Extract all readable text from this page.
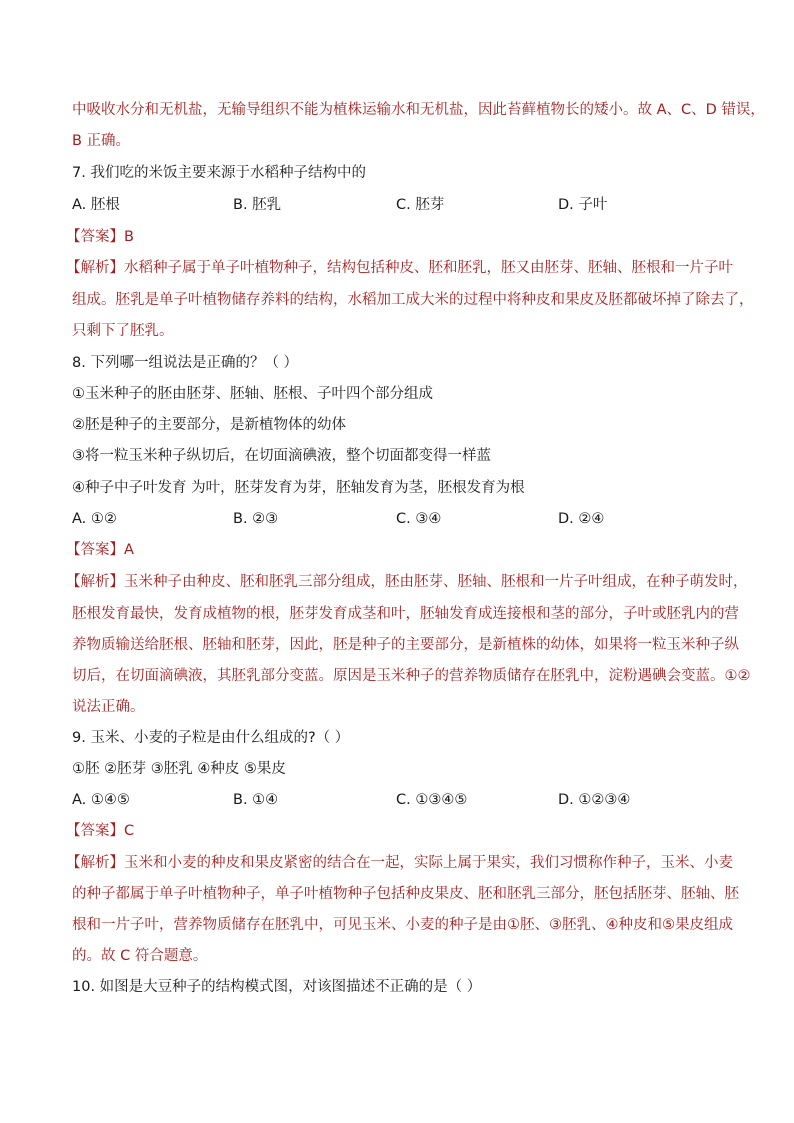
中吸收水分和无机盐，无输导组织不能为植株运输水和无机盐，因此苔藓植物长的矮小。故 A、C、D 错误，
B 正确。
7. 我们吃的米饭主要来源于水稻种子结构中的
A. 胚根	B. 胚乳	C. 胚芽	D. 子叶
【答案】B
【解析】水稻种子属于单子叶植物种子，结构包括种皮、胚和胚乳，胚又由胚芽、胚轴、胚根和一片子叶
组成。胚乳是单子叶植物储存养料的结构，水稻加工成大米的过程中将种皮和果皮及胚都破坏掉了除去了，
只剩下了胚乳。
8. 下列哪一组说法是正确的？（ ）
①玉米种子的胚由胚芽、胚轴、胚根、子叶四个部分组成
②胚是种子的主要部分，是新植物体的幼体
③将一粒玉米种子纵切后，在切面滴碘液，整个切面都变得一样蓝
④种子中子叶发育 为叶，胚芽发育为芽，胚轴发育为茎，胚根发育为根
A. ①②	B. ②③	C. ③④	D. ②④
【答案】A
【解析】玉米种子由种皮、胚和胚乳三部分组成，胚由胚芽、胚轴、胚根和一片子叶组成，在种子萌发时，
胚根发育最快，发育成植物的根，胚芽发育成茎和叶，胚轴发育成连接根和茎的部分，子叶或胚乳内的营
养物质输送给胚根、胚轴和胚芽，因此，胚是种子的主要部分，是新植株的幼体，如果将一粒玉米种子纵
切后，在切面滴碘液，其胚乳部分变蓝。原因是玉米种子的营养物质储存在胚乳中，淀粉遇碘会变蓝。①②
说法正确。
9. 玉米、小麦的子粒是由什么组成的?（ ）
①胚 ②胚芽 ③胚乳 ④种皮 ⑤果皮
A. ①④⑤	B. ①④	C. ①③④⑤	D. ①②③④
【答案】C
【解析】玉米和小麦的种皮和果皮紧密的结合在一起，实际上属于果实，我们习惯称作种子，玉米、小麦
的种子都属于单子叶植物种子，单子叶植物种子包括种皮果皮、胚和胚乳三部分，胚包括胚芽、胚轴、胚
根和一片子叶，营养物质储存在胚乳中，可见玉米、小麦的种子是由①胚、③胚乳、④种皮和⑤果皮组成
的。故 C 符合题意。
10. 如图是大豆种子的结构模式图，对该图描述不正确的是（ ）
